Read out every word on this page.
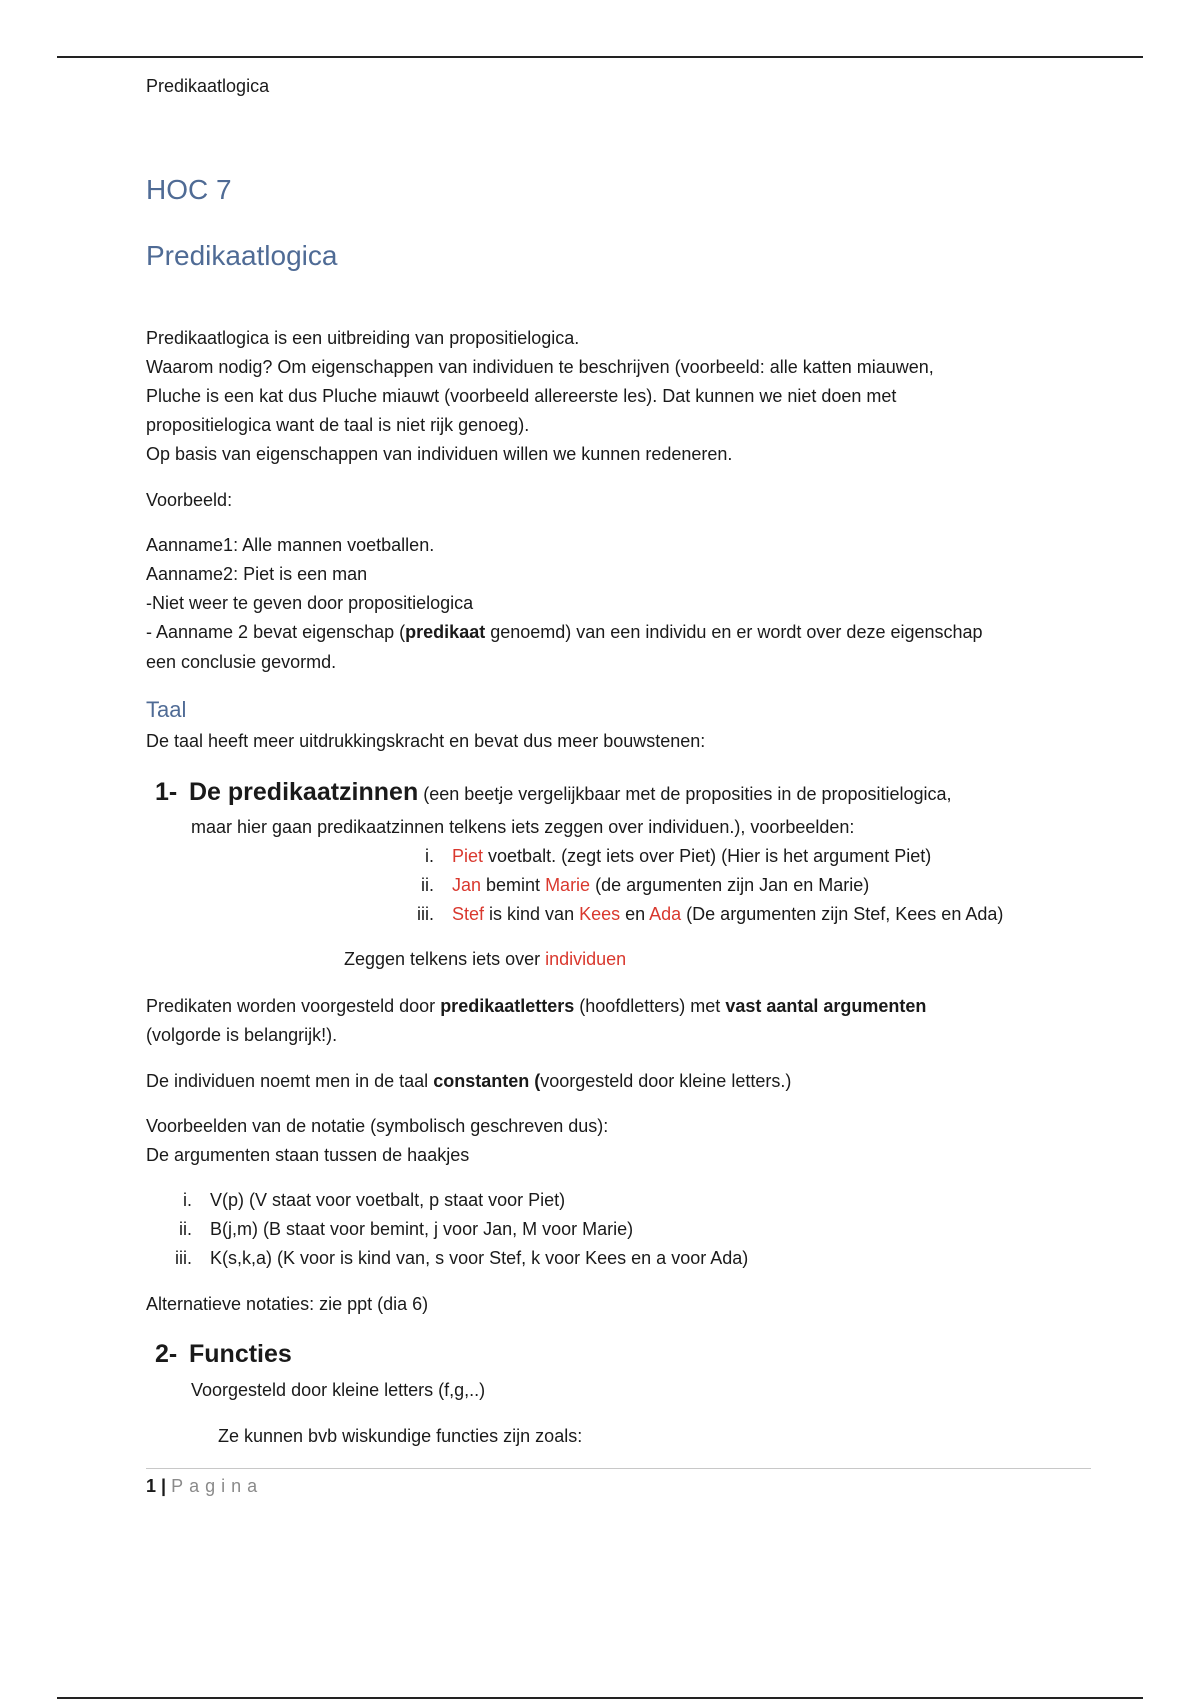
Predikaatlogica
HOC 7
Predikaatlogica
Predikaatlogica is een uitbreiding van propositielogica.
Waarom nodig? Om eigenschappen van individuen te beschrijven (voorbeeld: alle katten miauwen,
Pluche is een kat dus Pluche miauwt (voorbeeld allereerste les). Dat kunnen we niet doen met
propositielogica want de taal is niet rijk genoeg).
Op basis van eigenschappen van individuen willen we kunnen redeneren.
Voorbeeld:
Aanname1: Alle mannen voetballen.
Aanname2: Piet is een man
-Niet weer te geven door propositielogica
- Aanname 2 bevat eigenschap (predikaat genoemd) van een individu en er wordt over deze eigenschap
een conclusie gevormd.
Taal
De taal heeft meer uitdrukkingskracht en bevat dus meer bouwstenen:
1- De predikaatzinnen (een beetje vergelijkbaar met de proposities in de propositielogica,
maar hier gaan predikaatzinnen telkens iets zeggen over individuen.), voorbeelden:
i. Piet voetbalt. (zegt iets over Piet) (Hier is het argument Piet)
ii. Jan bemint Marie (de argumenten zijn Jan en Marie)
iii. Stef is kind van Kees en Ada (De argumenten zijn Stef, Kees en Ada)
Zeggen telkens iets over individuen
Predikaten worden voorgesteld door predikaatletters (hoofdletters) met vast aantal argumenten
(volgorde is belangrijk!).
De individuen noemt men in de taal constanten (voorgesteld door kleine letters.)
Voorbeelden van de notatie (symbolisch geschreven dus):
De argumenten staan tussen de haakjes
i. V(p) (V staat voor voetbalt, p staat voor Piet)
ii. B(j,m) (B staat voor bemint, j voor Jan, M voor Marie)
iii. K(s,k,a) (K voor is kind van, s voor Stef, k voor Kees en a voor Ada)
Alternatieve notaties: zie ppt (dia 6)
2- Functies
Voorgesteld door kleine letters (f,g,..)
Ze kunnen bvb wiskundige functies zijn zoals:
1 | Pagina
